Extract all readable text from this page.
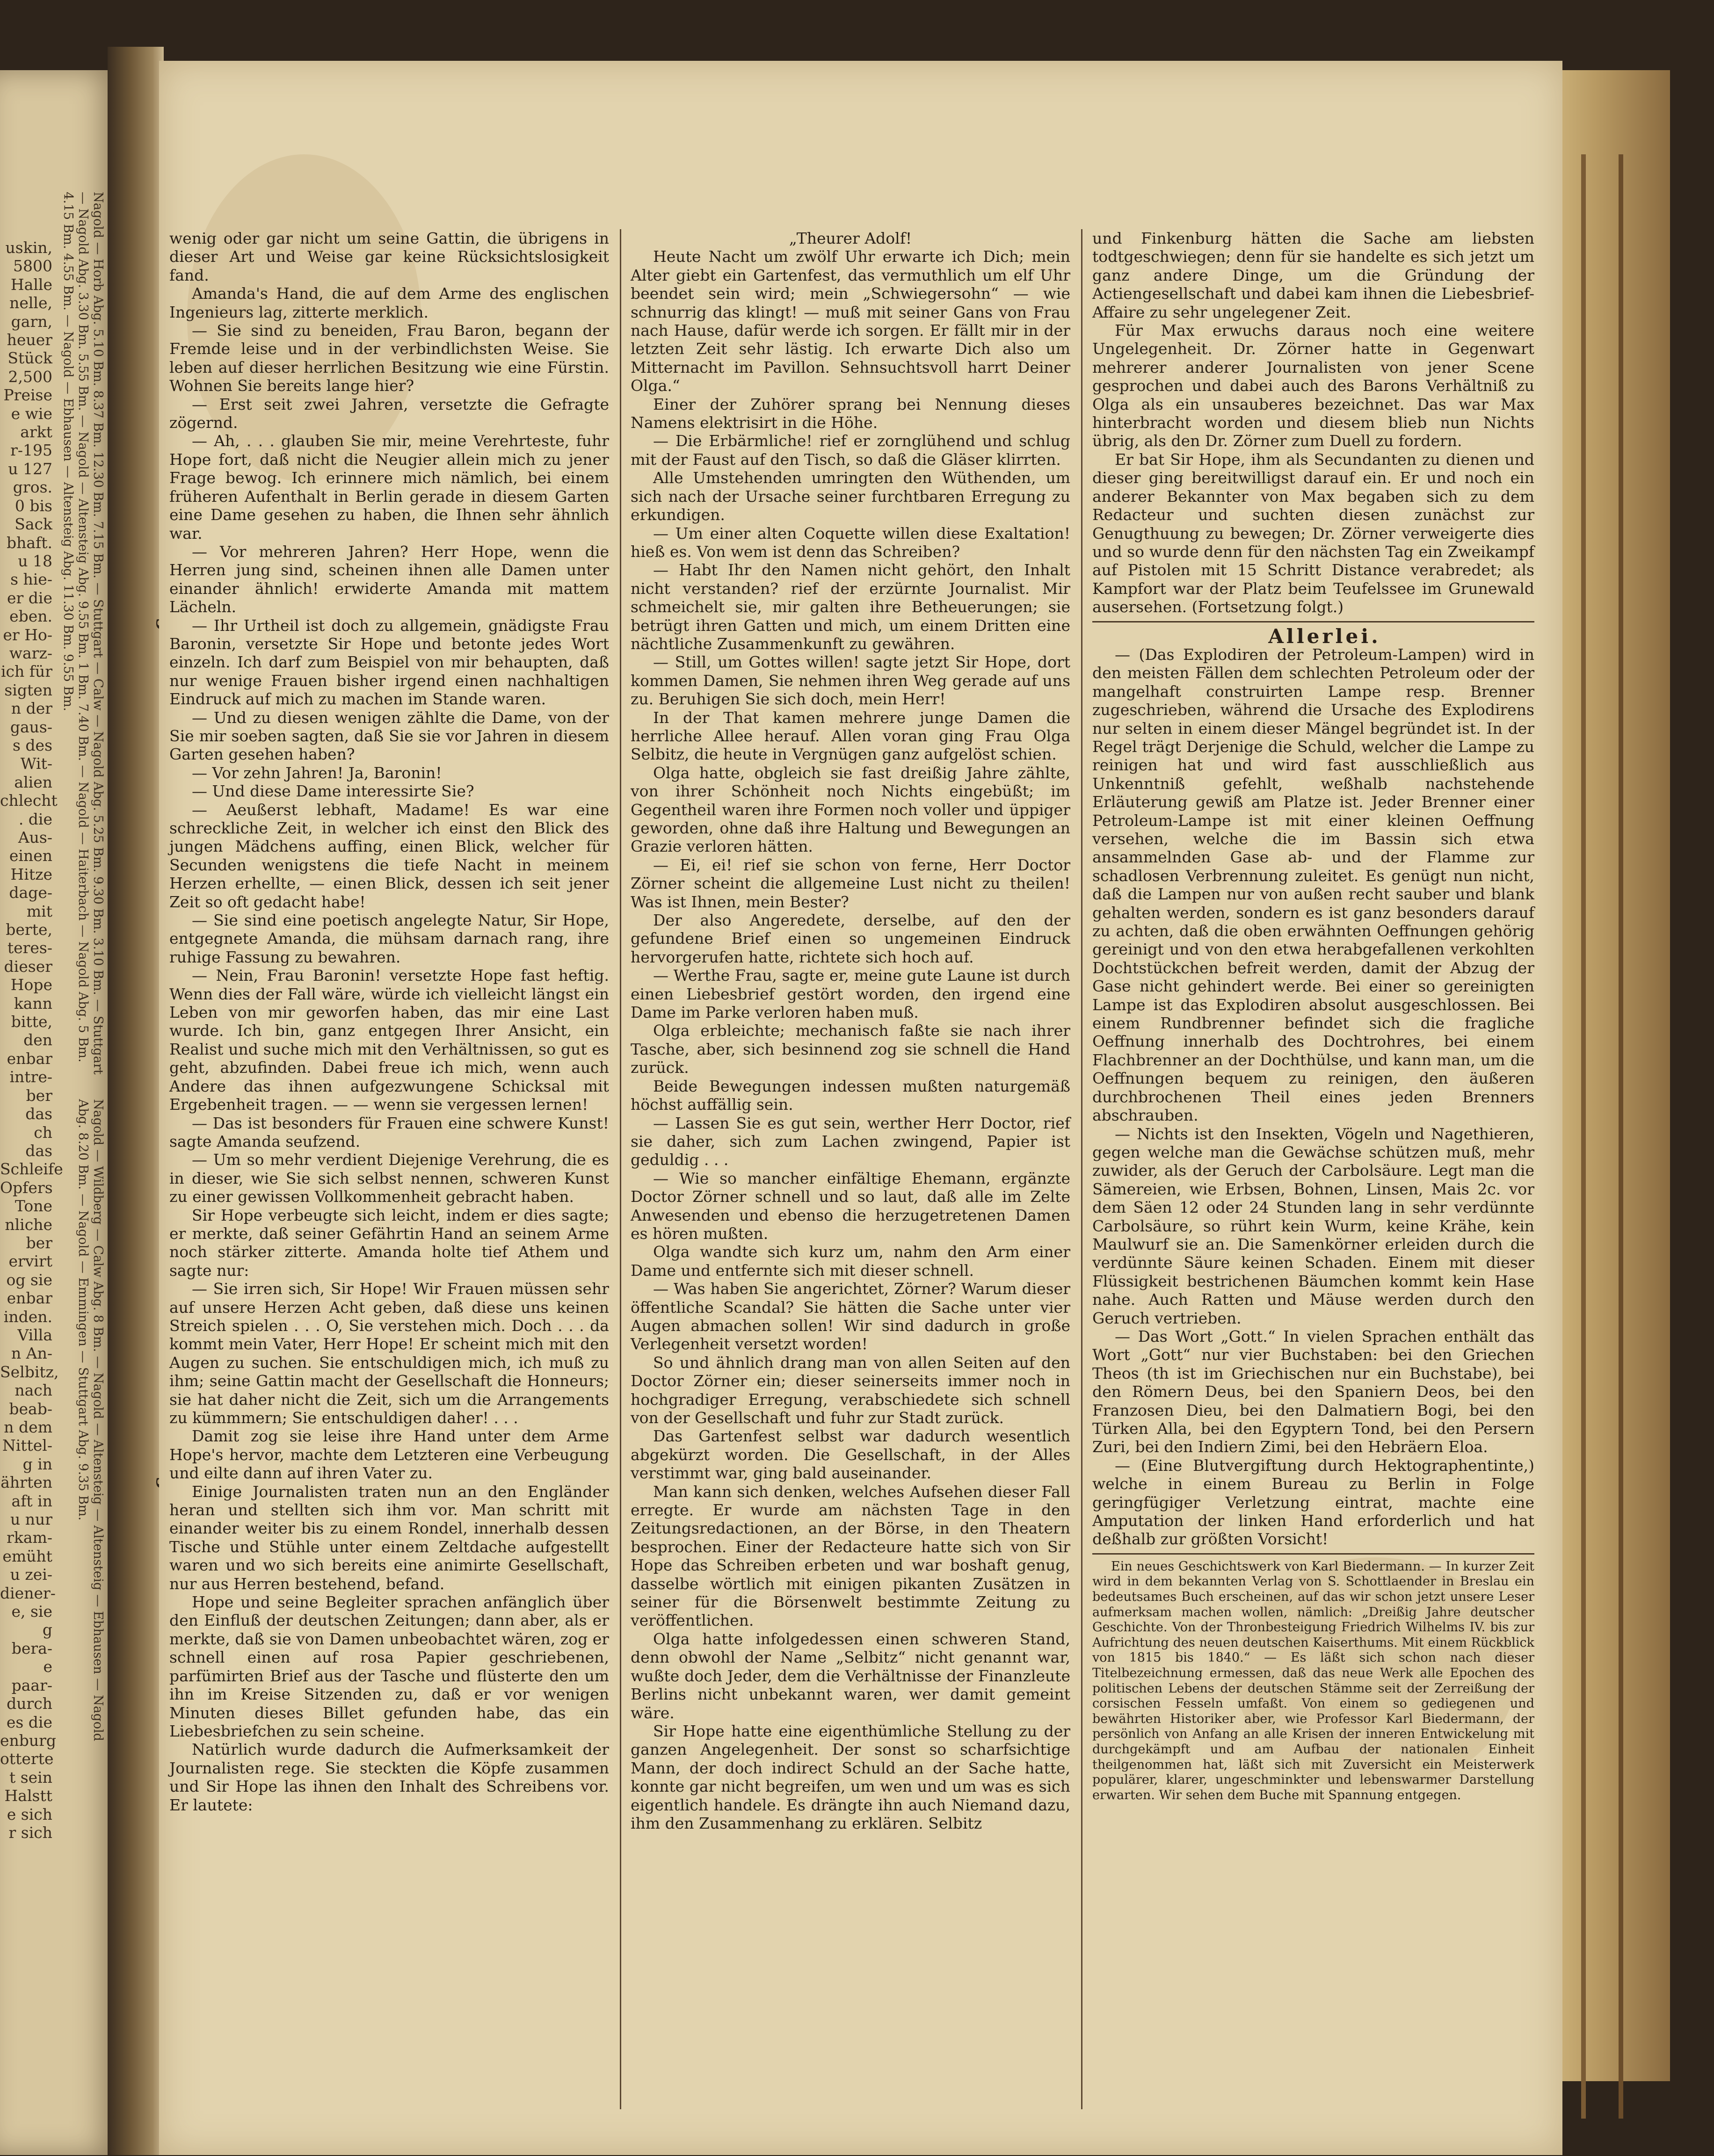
uskin,
5800
Halle
nelle,
garn,
heuer
Stück
2,500
Preise
e wie
arkt
r-195
u 127
gros.
0 bis
Sack
bhaft.
u 18
s hie-
er die
eben.
er Ho-
warz-
ich für
sigten
n der
gaus-
s des
Wit-
alien
chlecht
. die
Aus-
einen
Hitze
dage-
mit
berte,
teres-
dieser
Hope
kann
bitte,
den
enbar
intre-
ber
das
ch
das
Schleife
Opfers
Tone
nliche
ber
ervirt
og sie
enbar
inden.
Villa
n An-
Selbitz,
nach
beab-
n dem
Nittel-
g in
ährten
aft in
u nur
rkam-
emüht
u zei-
diener-
e, sie
g bera-
e paar-
durch
es die
enburg
otterte
t sein
Halstt
e sich
r sich
Nagold — Horb Abg. 5.10 Bm. 8.37 Bm. 12.30 Bm. 7.15 Bm. — Stuttgart — Calw — Nagold Abg. 5.25 Bm. 9.30 Bm. 3.10 Bm. — Stuttgart — Nagold Abg. 3.30 Bm. 5.55 Bm. — Nagold — Altensteig Abg. 9.55 Bm. 1 Bm. 7.40 Bm. — Nagold — Haiterbach — Nagold Abg. 5 Bm. 4.15 Bm. 4.55 Bm. — Nagold — Ebhausen — Altensteig Abg. 11.30 Bm. 9.55 Bm.
Nagold — Wildberg — Calw Abg. 8 Bm. — Nagold — Altensteig — Altensteig — Ebhausen — Nagold Abg. 8.20 Bm. — Nagold — Emmingen — Stuttgart Abg. 9.35 Bm.

wenig oder gar nicht um seine Gattin, die übrigens in dieser Art und Weise gar keine Rücksichtslosigkeit fand.

Amanda's Hand, die auf dem Arme des englischen Ingenieurs lag, zitterte merklich.

— Sie sind zu beneiden, Frau Baron, begann der Fremde leise und in der verbindlichsten Weise. Sie leben auf dieser herrlichen Besitzung wie eine Fürstin. Wohnen Sie bereits lange hier?

— Erst seit zwei Jahren, versetzte die Gefragte zögernd.

— Ah, . . . glauben Sie mir, meine Verehrteste, fuhr Hope fort, daß nicht die Neugier allein mich zu jener Frage bewog. Ich erinnere mich nämlich, bei einem früheren Aufenthalt in Berlin gerade in diesem Garten eine Dame gesehen zu haben, die Ihnen sehr ähnlich war.

— Vor mehreren Jahren? Herr Hope, wenn die Herren jung sind, scheinen ihnen alle Damen unter einander ähnlich! erwiderte Amanda mit mattem Lächeln.

— Ihr Urtheil ist doch zu allgemein, gnädigste Frau Baronin, versetzte Sir Hope und betonte jedes Wort einzeln. Ich darf zum Beispiel von mir behaupten, daß nur wenige Frauen bisher irgend einen nachhaltigen Eindruck auf mich zu machen im Stande waren.

— Und zu diesen wenigen zählte die Dame, von der Sie mir soeben sagten, daß Sie sie vor Jahren in diesem Garten gesehen haben?

— Vor zehn Jahren! Ja, Baronin!

— Und diese Dame interessirte Sie?

— Aeußerst lebhaft, Madame! Es war eine schreckliche Zeit, in welcher ich einst den Blick des jungen Mädchens auffing, einen Blick, welcher für Secunden wenigstens die tiefe Nacht in meinem Herzen erhellte, — einen Blick, dessen ich seit jener Zeit so oft gedacht habe!

— Sie sind eine poetisch angelegte Natur, Sir Hope, entgegnete Amanda, die mühsam darnach rang, ihre ruhige Fassung zu bewahren.

— Nein, Frau Baronin! versetzte Hope fast heftig. Wenn dies der Fall wäre, würde ich vielleicht längst ein Leben von mir geworfen haben, das mir eine Last wurde. Ich bin, ganz entgegen Ihrer Ansicht, ein Realist und suche mich mit den Verhältnissen, so gut es geht, abzufinden. Dabei freue ich mich, wenn auch Andere das ihnen aufgezwungene Schicksal mit Ergebenheit tragen. — — wenn sie vergessen lernen!

— Das ist besonders für Frauen eine schwere Kunst! sagte Amanda seufzend.

— Um so mehr verdient Diejenige Verehrung, die es in dieser, wie Sie sich selbst nennen, schweren Kunst zu einer gewissen Vollkommenheit gebracht haben.

Sir Hope verbeugte sich leicht, indem er dies sagte; er merkte, daß seiner Gefährtin Hand an seinem Arme noch stärker zitterte. Amanda holte tief Athem und sagte nur:

— Sie irren sich, Sir Hope! Wir Frauen müssen sehr auf unsere Herzen Acht geben, daß diese uns keinen Streich spielen . . . O, Sie verstehen mich. Doch . . . da kommt mein Vater, Herr Hope! Er scheint mich mit den Augen zu suchen. Sie entschuldigen mich, ich muß zu ihm; seine Gattin macht der Gesellschaft die Honneurs; sie hat daher nicht die Zeit, sich um die Arrangements zu kümmmern; Sie entschuldigen daher! . . .

Damit zog sie leise ihre Hand unter dem Arme Hope's hervor, machte dem Letzteren eine Verbeugung und eilte dann auf ihren Vater zu.

Einige Journalisten traten nun an den Engländer heran und stellten sich ihm vor. Man schritt mit einander weiter bis zu einem Rondel, innerhalb dessen Tische und Stühle unter einem Zeltdache aufgestellt waren und wo sich bereits eine animirte Gesellschaft, nur aus Herren bestehend, befand.

Hope und seine Begleiter sprachen anfänglich über den Einfluß der deutschen Zeitungen; dann aber, als er merkte, daß sie von Damen unbeobachtet wären, zog er schnell einen auf rosa Papier geschriebenen, parfümirten Brief aus der Tasche und flüsterte den um ihn im Kreise Sitzenden zu, daß er vor wenigen Minuten dieses Billet gefunden habe, das ein Liebesbriefchen zu sein scheine.

Natürlich wurde dadurch die Aufmerksamkeit der Journalisten rege. Sie steckten die Köpfe zusammen und Sir Hope las ihnen den Inhalt des Schreibens vor. Er lautete:

„Theurer Adolf!

Heute Nacht um zwölf Uhr erwarte ich Dich; mein Alter giebt ein Gartenfest, das vermuthlich um elf Uhr beendet sein wird; mein „Schwiegersohn“ — wie schnurrig das klingt! — muß mit seiner Gans von Frau nach Hause, dafür werde ich sorgen. Er fällt mir in der letzten Zeit sehr lästig. Ich erwarte Dich also um Mitternacht im Pavillon. Sehnsuchtsvoll harrt Deiner Olga.“

Einer der Zuhörer sprang bei Nennung dieses Namens elektrisirt in die Höhe.

— Die Erbärmliche! rief er zornglühend und schlug mit der Faust auf den Tisch, so daß die Gläser klirrten.

Alle Umstehenden umringten den Wüthenden, um sich nach der Ursache seiner furchtbaren Erregung zu erkundigen.

— Um einer alten Coquette willen diese Exaltation! hieß es. Von wem ist denn das Schreiben?

— Habt Ihr den Namen nicht gehört, den Inhalt nicht verstanden? rief der erzürnte Journalist. Mir schmeichelt sie, mir galten ihre Betheuerungen; sie betrügt ihren Gatten und mich, um einem Dritten eine nächtliche Zusammenkunft zu gewähren.

— Still, um Gottes willen! sagte jetzt Sir Hope, dort kommen Damen, Sie nehmen ihren Weg gerade auf uns zu. Beruhigen Sie sich doch, mein Herr!

In der That kamen mehrere junge Damen die herrliche Allee herauf. Allen voran ging Frau Olga Selbitz, die heute in Vergnügen ganz aufgelöst schien.

Olga hatte, obgleich sie fast dreißig Jahre zählte, von ihrer Schönheit noch Nichts eingebüßt; im Gegentheil waren ihre Formen noch voller und üppiger geworden, ohne daß ihre Haltung und Bewegungen an Grazie verloren hätten.

— Ei, ei! rief sie schon von ferne, Herr Doctor Zörner scheint die allgemeine Lust nicht zu theilen! Was ist Ihnen, mein Bester?

Der also Angeredete, derselbe, auf den der gefundene Brief einen so ungemeinen Eindruck hervorgerufen hatte, richtete sich hoch auf.

— Werthe Frau, sagte er, meine gute Laune ist durch einen Liebesbrief gestört worden, den irgend eine Dame im Parke verloren haben muß.

Olga erbleichte; mechanisch faßte sie nach ihrer Tasche, aber, sich besinnend zog sie schnell die Hand zurück.

Beide Bewegungen indessen mußten naturgemäß höchst auffällig sein.

— Lassen Sie es gut sein, werther Herr Doctor, rief sie daher, sich zum Lachen zwingend, Papier ist geduldig . . .

— Wie so mancher einfältige Ehemann, ergänzte Doctor Zörner schnell und so laut, daß alle im Zelte Anwesenden und ebenso die herzugetretenen Damen es hören mußten.

Olga wandte sich kurz um, nahm den Arm einer Dame und entfernte sich mit dieser schnell.

— Was haben Sie angerichtet, Zörner? Warum dieser öffentliche Scandal? Sie hätten die Sache unter vier Augen abmachen sollen! Wir sind dadurch in große Verlegenheit versetzt worden!

So und ähnlich drang man von allen Seiten auf den Doctor Zörner ein; dieser seinerseits immer noch in hochgradiger Erregung, verabschiedete sich schnell von der Gesellschaft und fuhr zur Stadt zurück.

Das Gartenfest selbst war dadurch wesentlich abgekürzt worden. Die Gesellschaft, in der Alles verstimmt war, ging bald auseinander.

Man kann sich denken, welches Aufsehen dieser Fall erregte. Er wurde am nächsten Tage in den Zeitungsredactionen, an der Börse, in den Theatern besprochen. Einer der Redacteure hatte sich von Sir Hope das Schreiben erbeten und war boshaft genug, dasselbe wörtlich mit einigen pikanten Zusätzen in seiner für die Börsenwelt bestimmte Zeitung zu veröffentlichen.

Olga hatte infolgedessen einen schweren Stand, denn obwohl der Name „Selbitz“ nicht genannt war, wußte doch Jeder, dem die Verhältnisse der Finanzleute Berlins nicht unbekannt waren, wer damit gemeint wäre.

Sir Hope hatte eine eigenthümliche Stellung zu der ganzen Angelegenheit. Der sonst so scharfsichtige Mann, der doch indirect Schuld an der Sache hatte, konnte gar nicht begreifen, um wen und um was es sich eigentlich handele. Es drängte ihn auch Niemand dazu, ihm den Zusammenhang zu erklären. Selbitz

und Finkenburg hätten die Sache am liebsten todtgeschwiegen; denn für sie handelte es sich jetzt um ganz andere Dinge, um die Gründung der Actiengesellschaft und dabei kam ihnen die Liebesbrief-Affaire zu sehr ungelegener Zeit.

Für Max erwuchs daraus noch eine weitere Ungelegenheit. Dr. Zörner hatte in Gegenwart mehrerer anderer Journalisten von jener Scene gesprochen und dabei auch des Barons Verhältniß zu Olga als ein unsauberes bezeichnet. Das war Max hinterbracht worden und diesem blieb nun Nichts übrig, als den Dr. Zörner zum Duell zu fordern.

Er bat Sir Hope, ihm als Secundanten zu dienen und dieser ging bereitwilligst darauf ein. Er und noch ein anderer Bekannter von Max begaben sich zu dem Redacteur und suchten diesen zunächst zur Genugthuung zu bewegen; Dr. Zörner verweigerte dies und so wurde denn für den nächsten Tag ein Zweikampf auf Pistolen mit 15 Schritt Distance verabredet; als Kampfort war der Platz beim Teufelssee im Grunewald ausersehen. (Fortsetzung folgt.)

Allerlei.

— (Das Explodiren der Petroleum-Lampen) wird in den meisten Fällen dem schlechten Petroleum oder der mangelhaft construirten Lampe resp. Brenner zugeschrieben, während die Ursache des Explodirens nur selten in einem dieser Mängel begründet ist. In der Regel trägt Derjenige die Schuld, welcher die Lampe zu reinigen hat und wird fast ausschließlich aus Unkenntniß gefehlt, weßhalb nachstehende Erläuterung gewiß am Platze ist. Jeder Brenner einer Petroleum-Lampe ist mit einer kleinen Oeffnung versehen, welche die im Bassin sich etwa ansammelnden Gase ab- und der Flamme zur schadlosen Verbrennung zuleitet. Es genügt nun nicht, daß die Lampen nur von außen recht sauber und blank gehalten werden, sondern es ist ganz besonders darauf zu achten, daß die oben erwähnten Oeffnungen gehörig gereinigt und von den etwa herabgefallenen verkohlten Dochtstückchen befreit werden, damit der Abzug der Gase nicht gehindert werde. Bei einer so gereinigten Lampe ist das Explodiren absolut ausgeschlossen. Bei einem Rundbrenner befindet sich die fragliche Oeffnung innerhalb des Dochtrohres, bei einem Flachbrenner an der Dochthülse, und kann man, um die Oeffnungen bequem zu reinigen, den äußeren durchbrochenen Theil eines jeden Brenners abschrauben.

— Nichts ist den Insekten, Vögeln und Nagethieren, gegen welche man die Gewächse schützen muß, mehr zuwider, als der Geruch der Carbolsäure. Legt man die Sämereien, wie Erbsen, Bohnen, Linsen, Mais 2c. vor dem Säen 12 oder 24 Stunden lang in sehr verdünnte Carbolsäure, so rührt kein Wurm, keine Krähe, kein Maulwurf sie an. Die Samenkörner erleiden durch die verdünnte Säure keinen Schaden. Einem mit dieser Flüssigkeit bestrichenen Bäumchen kommt kein Hase nahe. Auch Ratten und Mäuse werden durch den Geruch vertrieben.

— Das Wort „Gott.“ In vielen Sprachen enthält das Wort „Gott“ nur vier Buchstaben: bei den Griechen Theos (th ist im Griechischen nur ein Buchstabe), bei den Römern Deus, bei den Spaniern Deos, bei den Franzosen Dieu, bei den Dalmatiern Bogi, bei den Türken Alla, bei den Egyptern Tond, bei den Persern Zuri, bei den Indiern Zimi, bei den Hebräern Eloa.

— (Eine Blutvergiftung durch Hektographentinte,) welche in einem Bureau zu Berlin in Folge geringfügiger Verletzung eintrat, machte eine Amputation der linken Hand erforderlich und hat deßhalb zur größten Vorsicht!

Ein neues Geschichtswerk von Karl Biedermann. — In kurzer Zeit wird in dem bekannten Verlag von S. Schottlaender in Breslau ein bedeutsames Buch erscheinen, auf das wir schon jetzt unsere Leser aufmerksam machen wollen, nämlich: „Dreißig Jahre deutscher Geschichte. Von der Thronbesteigung Friedrich Wilhelms IV. bis zur Aufrichtung des neuen deutschen Kaiserthums. Mit einem Rückblick von 1815 bis 1840.“ — Es läßt sich schon nach dieser Titelbezeichnung ermessen, daß das neue Werk alle Epochen des politischen Lebens der deutschen Stämme seit der Zerreißung der corsischen Fesseln umfaßt. Von einem so gediegenen und bewährten Historiker aber, wie Professor Karl Biedermann, der persönlich von Anfang an alle Krisen der inneren Entwickelung mit durchgekämpft und am Aufbau der nationalen Einheit theilgenommen hat, läßt sich mit Zuversicht ein Meisterwerk populärer, klarer, ungeschminkter und lebenswarmer Darstellung erwarten. Wir sehen dem Buche mit Spannung entgegen.
